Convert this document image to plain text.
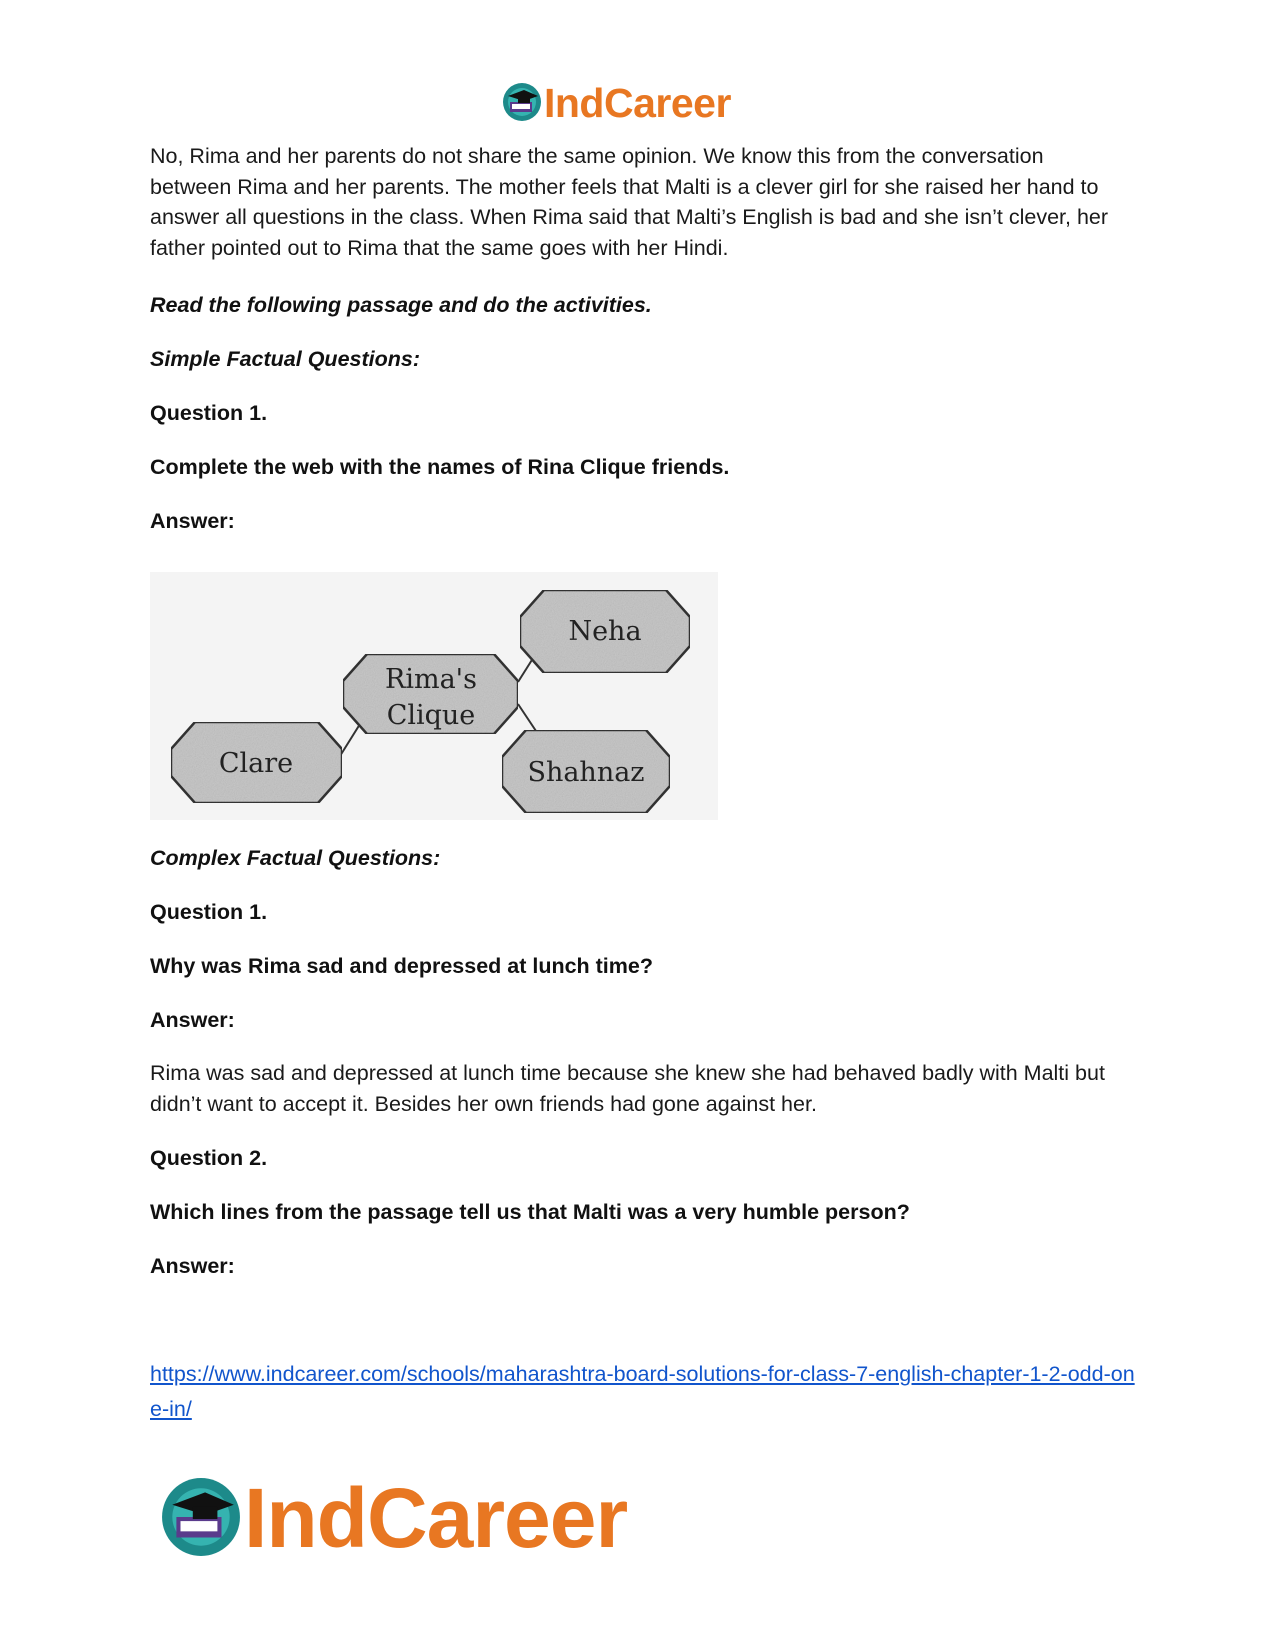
IndCareer

No, Rima and her parents do not share the same opinion. We know this from the conversation between Rima and her parents. The mother feels that Malti is a clever girl for she raised her hand to answer all questions in the class. When Rima said that Malti’s English is bad and she isn’t clever, her father pointed out to Rima that the same goes with her Hindi.

Read the following passage and do the activities.

Simple Factual Questions:

Question 1.

Complete the web with the names of Rina Clique friends.

Answer:

Neha
Rima's
Clique
Clare	Shahnaz

Complex Factual Questions:

Question 1.

Why was Rima sad and depressed at lunch time?

Answer:

Rima was sad and depressed at lunch time because she knew she had behaved badly with Malti but didn’t want to accept it. Besides her own friends had gone against her.

Question 2.

Which lines from the passage tell us that Malti was a very humble person?

Answer:

https://www.indcareer.com/schools/maharashtra-board-solutions-for-class-7-english-chapter-1-2-odd-one-in/
IndCareer
